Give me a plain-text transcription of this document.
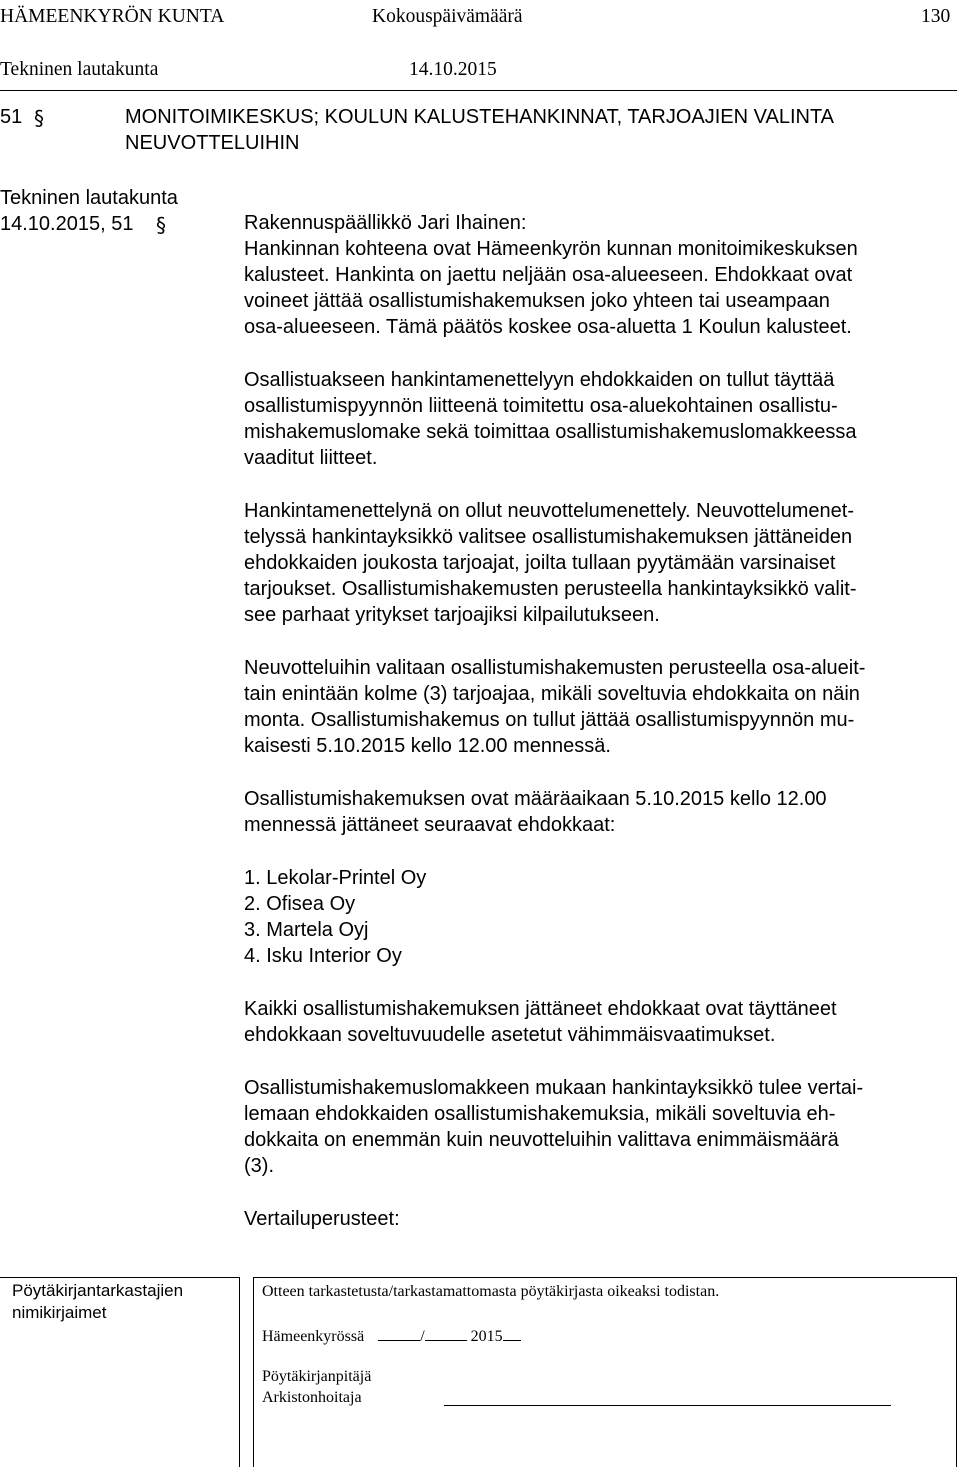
HÄMEENKYRÖN KUNTA	Kokouspäivämäärä	130
Tekninen lautakunta	14.10.2015
51 §	MONITOIMIKESKUS; KOULUN KALUSTEHANKINNAT, TARJOAJIEN VALINTA NEUVOTTELUIHIN
Tekninen lautakunta
14.10.2015, 51 §	Rakennuspäällikkö Jari Ihainen:

Hankinnan kohteena ovat Hämeenkyrön kunnan monitoimikeskuksen
kalusteet. Hankinta on jaettu neljään osa-alueeseen. Ehdokkaat ovat
voineet jättää osallistumishakemuksen joko yhteen tai useampaan
osa-alueeseen. Tämä päätös koskee osa-aluetta 1 Koulun kalusteet.

Osallistuakseen hankintamenettelyyn ehdokkaiden on tullut täyttää
osallistumispyynnön liitteenä toimitettu osa-aluekohtainen osallistu-
mishakemuslomake sekä toimittaa osallistumishakemuslomakkeessa
vaaditut liitteet.

Hankintamenettelynä on ollut neuvottelumenettely. Neuvottelumenet-
telyssä hankintayksikkö valitsee osallistumishakemuksen jättäneiden
ehdokkaiden joukosta tarjoajat, joilta tullaan pyytämään varsinaiset
tarjoukset. Osallistumishakemusten perusteella hankintayksikkö valit-
see parhaat yritykset tarjoajiksi kilpailutukseen.

Neuvotteluihin valitaan osallistumishakemusten perusteella osa-alueit-
tain enintään kolme (3) tarjoajaa, mikäli soveltuvia ehdokkaita on näin
monta. Osallistumishakemus on tullut jättää osallistumispyynnön mu-
kaisesti 5.10.2015 kello 12.00 mennessä.

Osallistumishakemuksen ovat määräaikaan 5.10.2015 kello 12.00
mennessä jättäneet seuraavat ehdokkaat:

1. Lekolar-Printel Oy
2. Ofisea Oy
3. Martela Oyj
4. Isku Interior Oy

Kaikki osallistumishakemuksen jättäneet ehdokkaat ovat täyttäneet
ehdokkaan soveltuvuudelle asetetut vähimmäisvaatimukset.

Osallistumishakemuslomakkeen mukaan hankintayksikkö tulee vertai-
lemaan ehdokkaiden osallistumishakemuksia, mikäli soveltuvia eh-
dokkaita on enemmän kuin neuvotteluihin valittava enimmäismäärä
(3).

Vertailuperusteet:

Pöytäkirjantarkastajien
nimikirjaimet
Otteen tarkastetusta/tarkastamattomasta pöytäkirjasta oikeaksi todistan.
Hämeenkyrössä	/	2015
Pöytäkirjanpitäjä
Arkistonhoitaja
